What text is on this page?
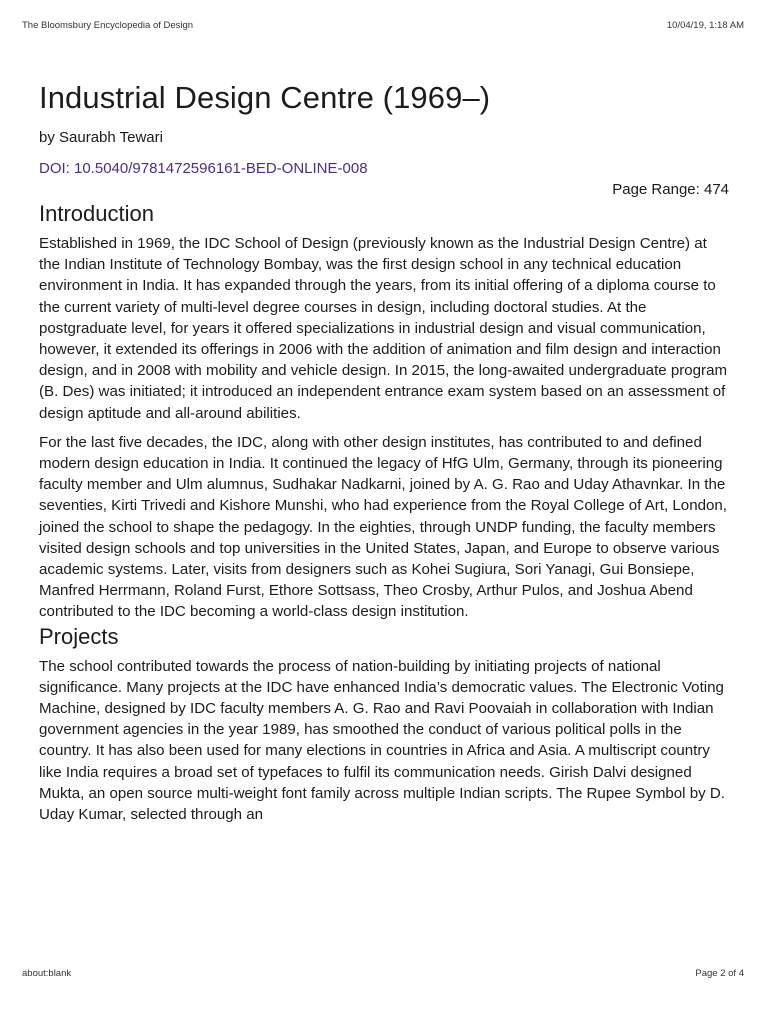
The Bloomsbury Encyclopedia of Design	10/04/19, 1:18 AM
Industrial Design Centre (1969–)
by Saurabh Tewari
DOI: 10.5040/9781472596161-BED-ONLINE-008
Page Range: 474
Introduction

Established in 1969, the IDC School of Design (previously known as the Industrial Design Centre) at the Indian Institute of Technology Bombay, was the first design school in any technical education environment in India. It has expanded through the years, from its initial offering of a diploma course to the current variety of multi-level degree courses in design, including doctoral studies. At the postgraduate level, for years it offered specializations in industrial design and visual communication, however, it extended its offerings in 2006 with the addition of animation and film design and interaction design, and in 2008 with mobility and vehicle design. In 2015, the long-awaited undergraduate program (B. Des) was initiated; it introduced an independent entrance exam system based on an assessment of design aptitude and all-around abilities.

For the last five decades, the IDC, along with other design institutes, has contributed to and defined modern design education in India. It continued the legacy of HfG Ulm, Germany, through its pioneering faculty member and Ulm alumnus, Sudhakar Nadkarni, joined by A. G. Rao and Uday Athavnkar. In the seventies, Kirti Trivedi and Kishore Munshi, who had experience from the Royal College of Art, London, joined the school to shape the pedagogy. In the eighties, through UNDP funding, the faculty members visited design schools and top universities in the United States, Japan, and Europe to observe various academic systems. Later, visits from designers such as Kohei Sugiura, Sori Yanagi, Gui Bonsiepe, Manfred Herrmann, Roland Furst, Ethore Sottsass, Theo Crosby, Arthur Pulos, and Joshua Abend contributed to the IDC becoming a world-class design institution.

Projects

The school contributed towards the process of nation-building by initiating projects of national significance. Many projects at the IDC have enhanced India’s democratic values. The Electronic Voting Machine, designed by IDC faculty members A. G. Rao and Ravi Poovaiah in collaboration with Indian government agencies in the year 1989, has smoothed the conduct of various political polls in the country. It has also been used for many elections in countries in Africa and Asia. A multiscript country like India requires a broad set of typefaces to fulfil its communication needs. Girish Dalvi designed Mukta, an open source multi-weight font family across multiple Indian scripts. The Rupee Symbol by D. Uday Kumar, selected through an

about:blank	Page 2 of 4
